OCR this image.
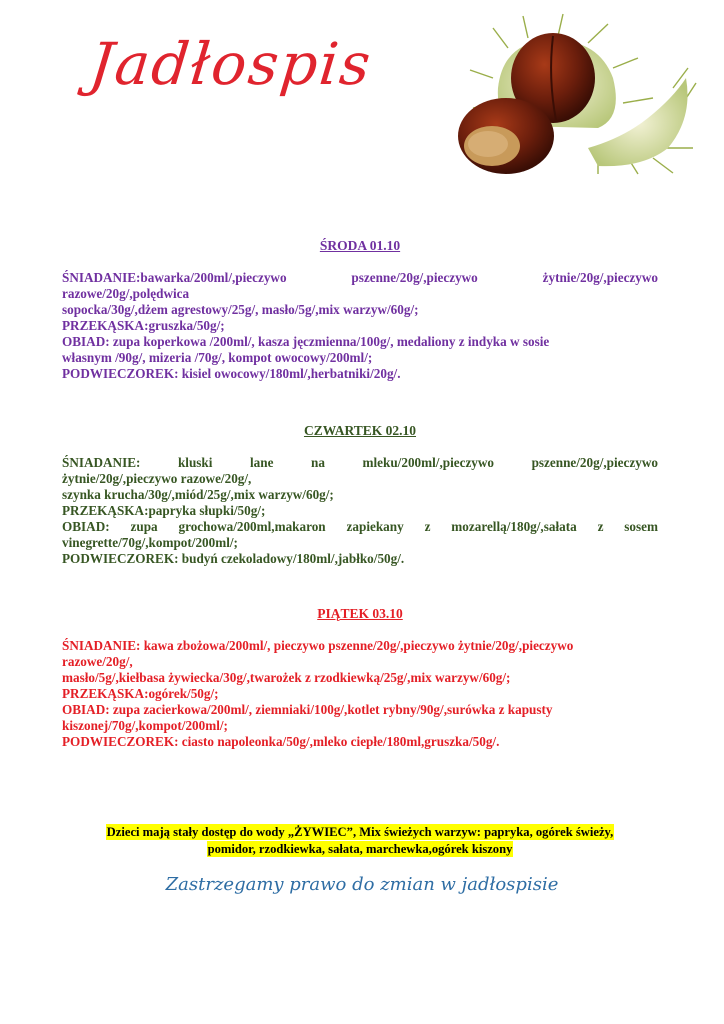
Jadłospis
ŚRODA 01.10
ŚNIADANIE:bawarka/200ml/,pieczywo	pszenne/20g/,pieczywo	żytnie/20g/,pieczywo
razowe/20g/,polędwica
sopocka/30g/,dżem agrestowy/25g/, masło/5g/,mix warzyw/60g/;
PRZEKĄSKA:gruszka/50g/;
OBIAD: zupa koperkowa /200ml/, kasza jęczmienna/100g/, medaliony z indyka w sosie
własnym /90g/, mizeria /70g/, kompot owocowy/200ml/;
PODWIECZOREK: kisiel owocowy/180ml/,herbatniki/20g/.
CZWARTEK 02.10
ŚNIADANIE:	kluski	lane	na	mleku/200ml/,pieczywo	pszenne/20g/,pieczywo
żytnie/20g/,pieczywo razowe/20g/,
szynka krucha/30g/,miód/25g/,mix warzyw/60g/;
PRZEKĄSKA:papryka słupki/50g/;
OBIAD: zupa grochowa/200ml,makaron zapiekany z mozarellą/180g/,sałata z sosem
vinegrette/70g/,kompot/200ml/;
PODWIECZOREK: budyń czekoladowy/180ml/,jabłko/50g/.
PIĄTEK 03.10
ŚNIADANIE: kawa zbożowa/200ml/, pieczywo pszenne/20g/,pieczywo żytnie/20g/,pieczywo
razowe/20g/,
masło/5g/,kiełbasa żywiecka/30g/,twarożek z rzodkiewką/25g/,mix warzyw/60g/;
PRZEKĄSKA:ogórek/50g/;
OBIAD: zupa zacierkowa/200ml/, ziemniaki/100g/,kotlet rybny/90g/,surówka z kapusty
kiszonej/70g/,kompot/200ml/;
PODWIECZOREK: ciasto napoleonka/50g/,mleko ciepłe/180ml,gruszka/50g/.
Dzieci mają stały dostęp do wody „ŻYWIEC”, Mix świeżych warzyw: papryka, ogórek świeży,
pomidor, rzodkiewka, sałata, marchewka,ogórek kiszony
Zastrzegamy prawo do zmian w jadłospisie
